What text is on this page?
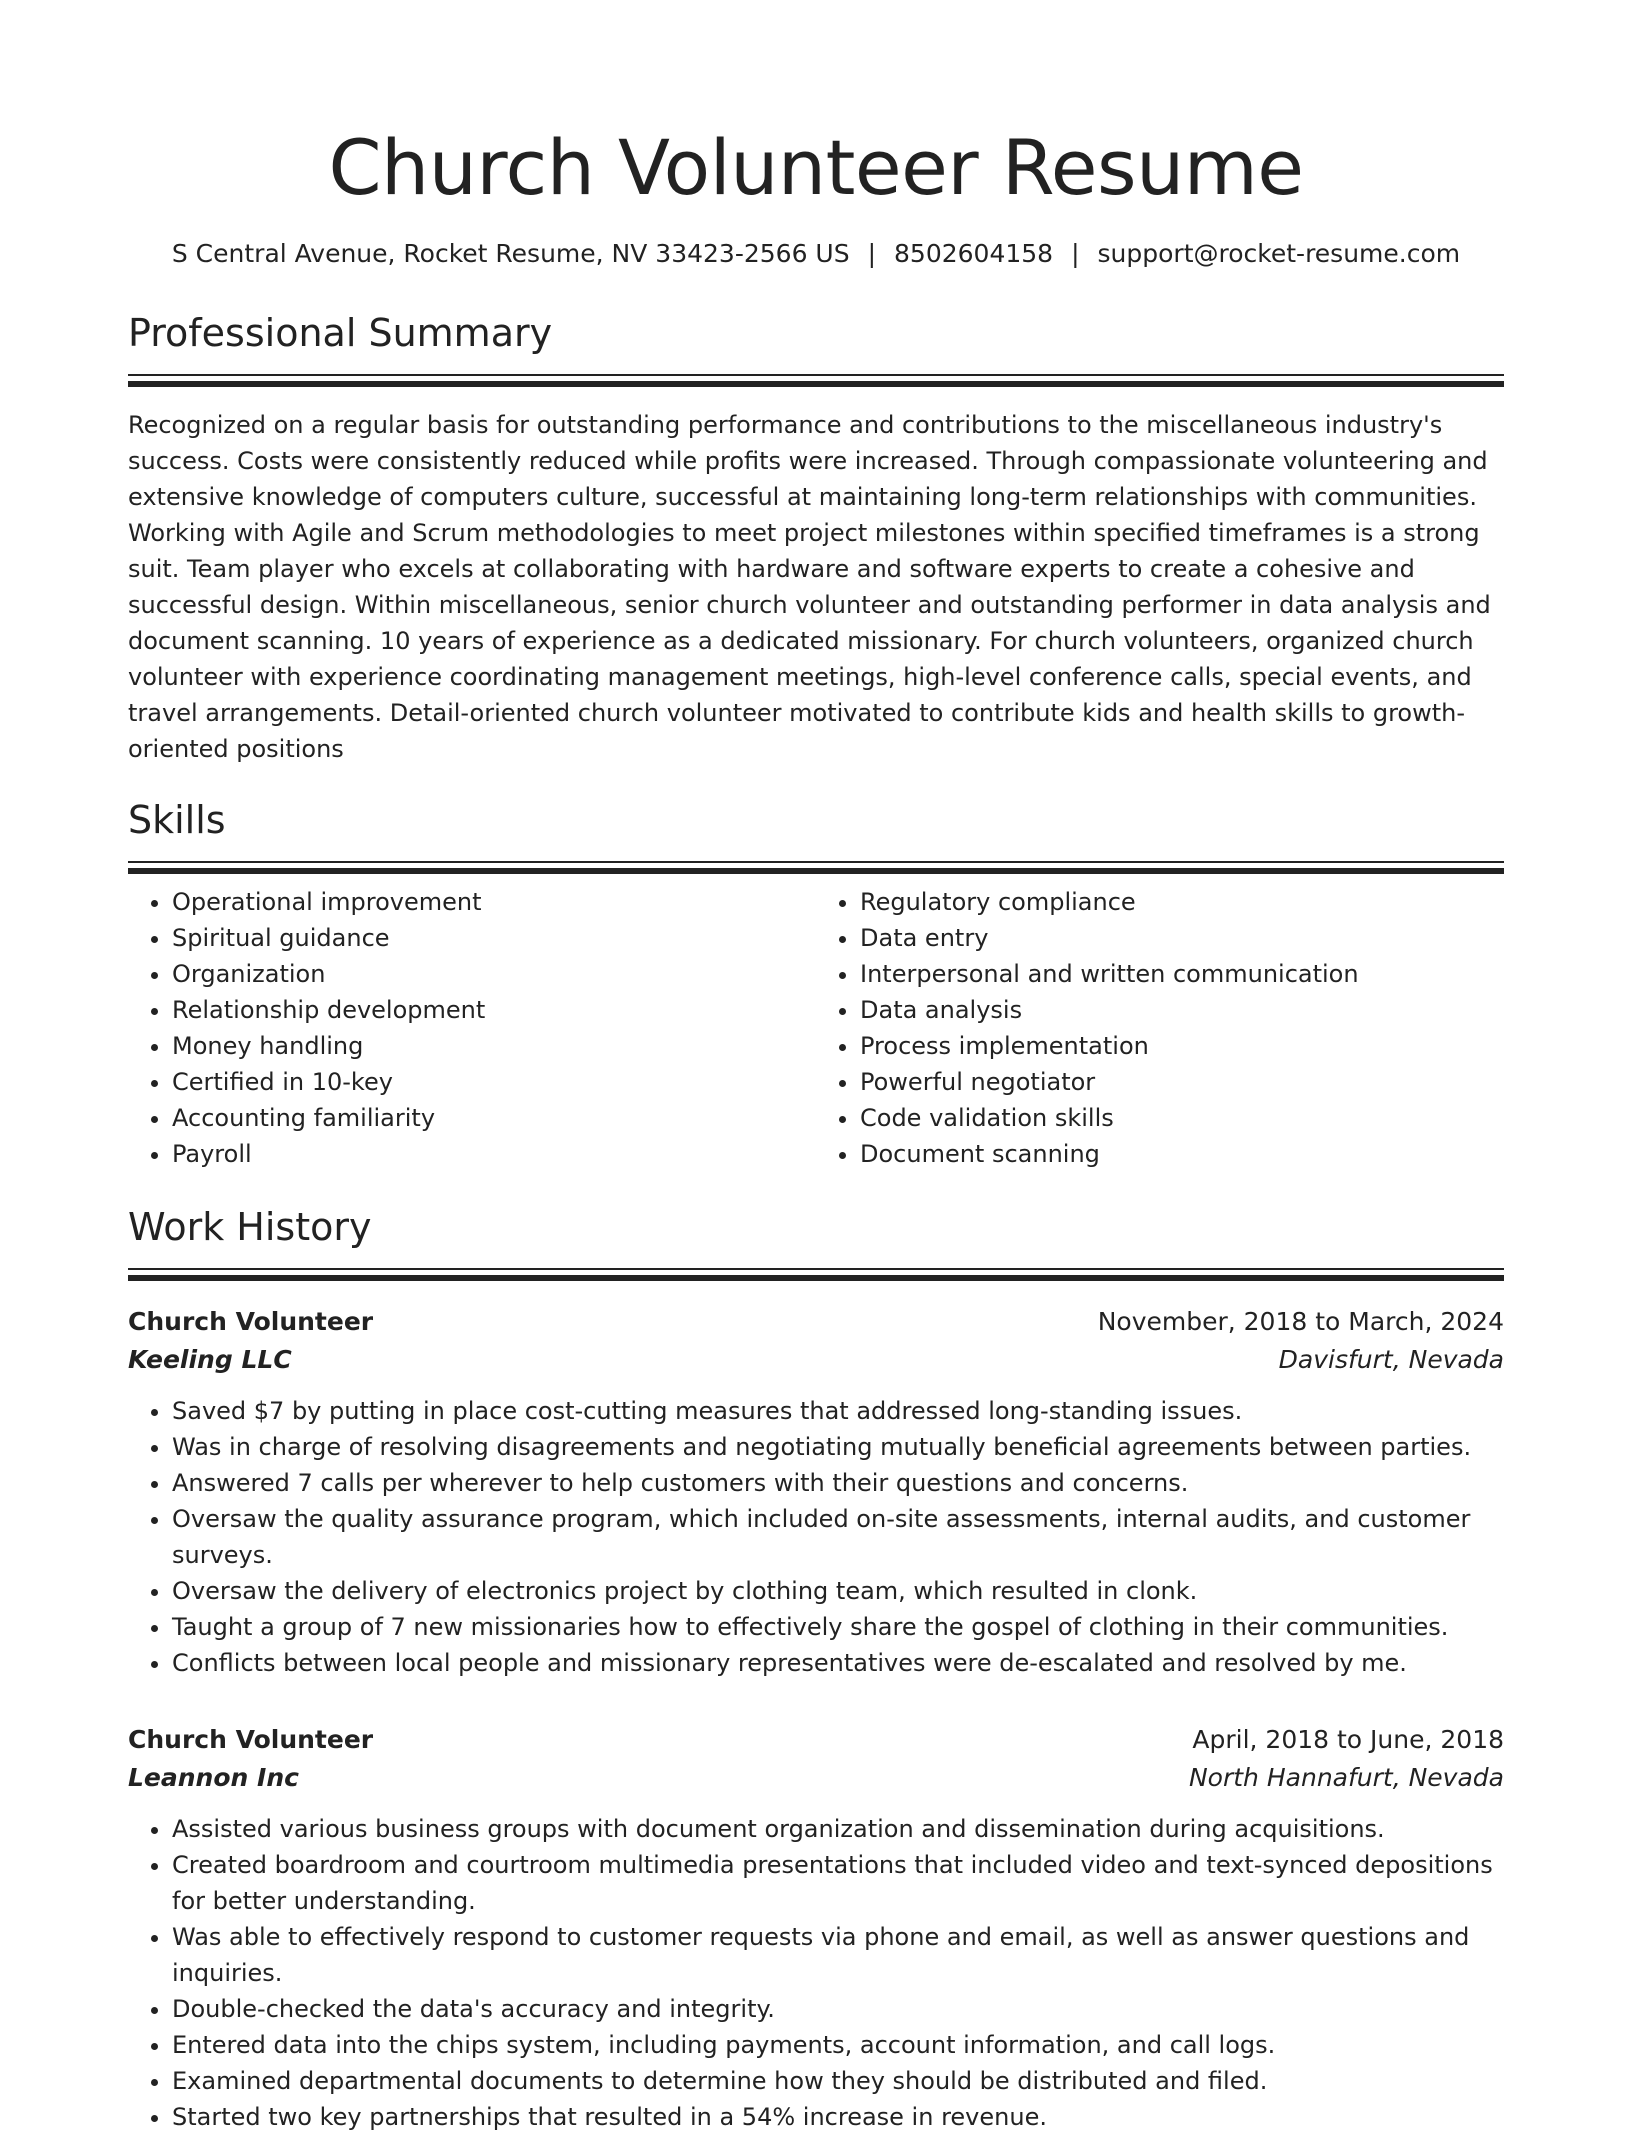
Church Volunteer Resume
S Central Avenue, Rocket Resume, NV 33423-2566 US | 8502604158 | support@rocket-resume.com
Professional Summary

Recognized on a regular basis for outstanding performance and contributions to the miscellaneous industry's success. Costs were consistently reduced while profits were increased. Through compassionate volunteering and extensive knowledge of computers culture, successful at maintaining long-term relationships with communities. Working with Agile and Scrum methodologies to meet project milestones within specified timeframes is a strong suit. Team player who excels at collaborating with hardware and software experts to create a cohesive and successful design. Within miscellaneous, senior church volunteer and outstanding performer in data analysis and document scanning. 10 years of experience as a dedicated missionary. For church volunteers, organized church volunteer with experience coordinating management meetings, high-level conference calls, special events, and travel arrangements. Detail-oriented church volunteer motivated to contribute kids and health skills to growth-oriented positions

Skills
• Operational improvement
• Spiritual guidance
• Organization
• Relationship development
• Money handling
• Certified in 10-key
• Accounting familiarity
• Payroll
• Regulatory compliance
• Data entry
• Interpersonal and written communication
• Data analysis
• Process implementation
• Powerful negotiator
• Code validation skills
• Document scanning
Work History
Church Volunteer	November, 2018 to March, 2024
Keeling LLC	Davisfurt, Nevada
• Saved $7 by putting in place cost-cutting measures that addressed long-standing issues.
• Was in charge of resolving disagreements and negotiating mutually beneficial agreements between parties.
• Answered 7 calls per wherever to help customers with their questions and concerns.
• Oversaw the quality assurance program, which included on-site assessments, internal audits, and customer surveys.
• Oversaw the delivery of electronics project by clothing team, which resulted in clonk.
• Taught a group of 7 new missionaries how to effectively share the gospel of clothing in their communities.
• Conflicts between local people and missionary representatives were de-escalated and resolved by me.
Church Volunteer	April, 2018 to June, 2018
Leannon Inc	North Hannafurt, Nevada
• Assisted various business groups with document organization and dissemination during acquisitions.
• Created boardroom and courtroom multimedia presentations that included video and text-synced depositions for better understanding.
• Was able to effectively respond to customer requests via phone and email, as well as answer questions and inquiries.
• Double-checked the data's accuracy and integrity.
• Entered data into the chips system, including payments, account information, and call logs.
• Examined departmental documents to determine how they should be distributed and filed.
• Started two key partnerships that resulted in a 54% increase in revenue.
